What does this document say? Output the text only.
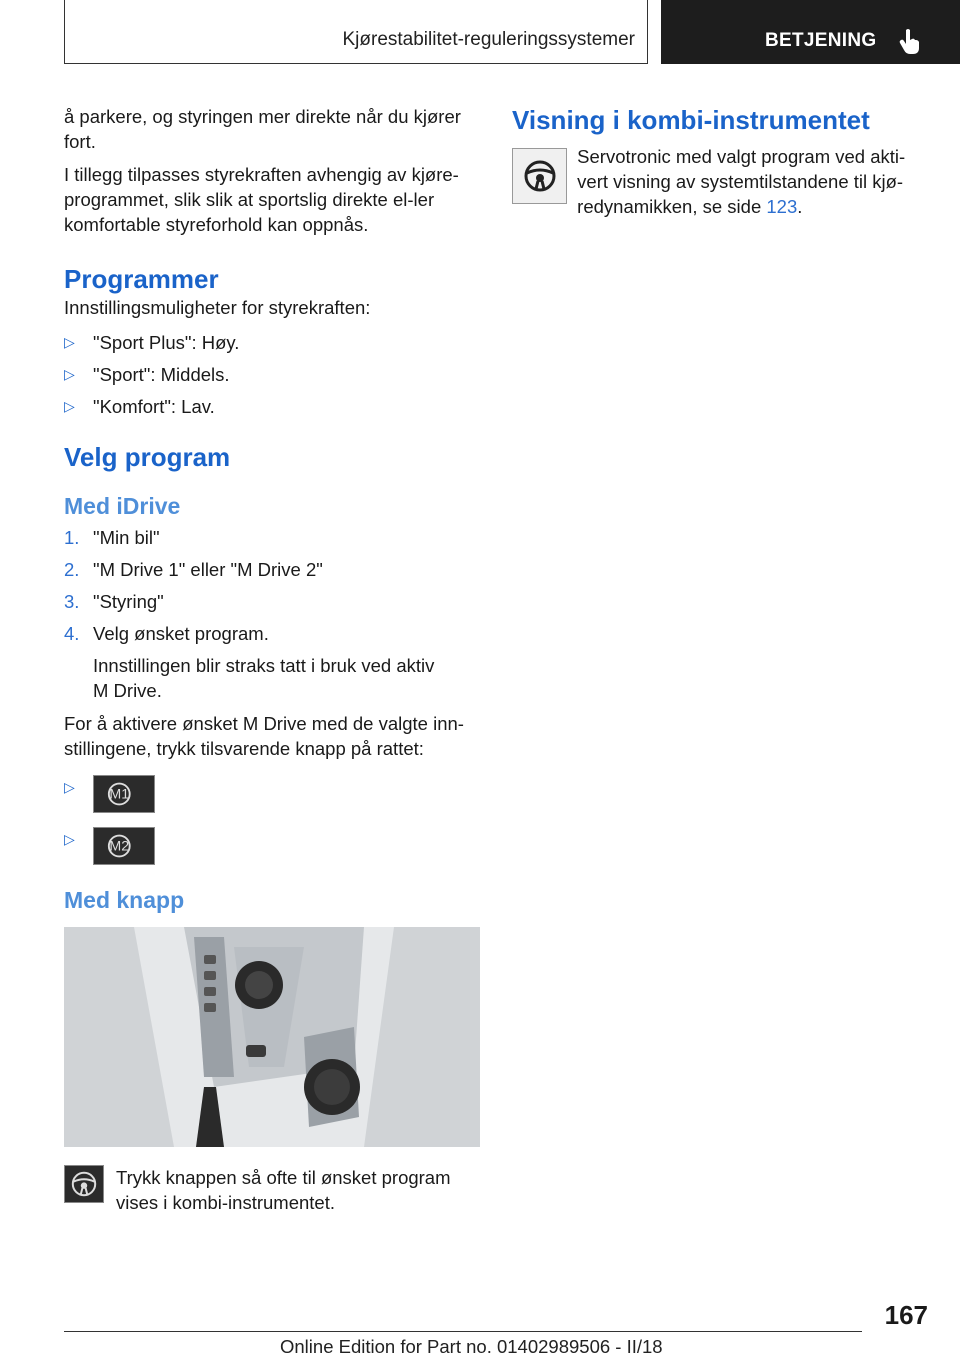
Kjørestabilitet-reguleringssystemer	BETJENING

å parkere, og styringen mer direkte når du kjører fort.

I tillegg tilpasses styrekraften avhengig av kjøre-programmet, slik slik at sportslig direkte el-ler komfortable styreforhold kan oppnås.

Programmer

Innstillingsmuligheter for styrekraften:

▷ "Sport Plus": Høy.
▷ "Sport": Middels.
▷ "Komfort": Lav.
Velg program
Med iDrive
1. "Min bil"
2. "M Drive 1" eller "M Drive 2"
3. "Styring"
4. Velg ønsket program.

Innstillingen blir straks tatt i bruk ved aktiv M Drive.

For å aktivere ønsket M Drive med de valgte inn-stillingene, trykk tilsvarende knapp på rattet:

▷ M1
▷ M2
Med knapp

Trykk knappen så ofte til ønsket program vises i kombi-instrumentet.

Visning i kombi-instrumentet

Servotronic med valgt program ved akti-vert visning av systemtilstandene til kjø-redynamikken, se side 123.

167
Online Edition for Part no. 01402989506 - II/18
